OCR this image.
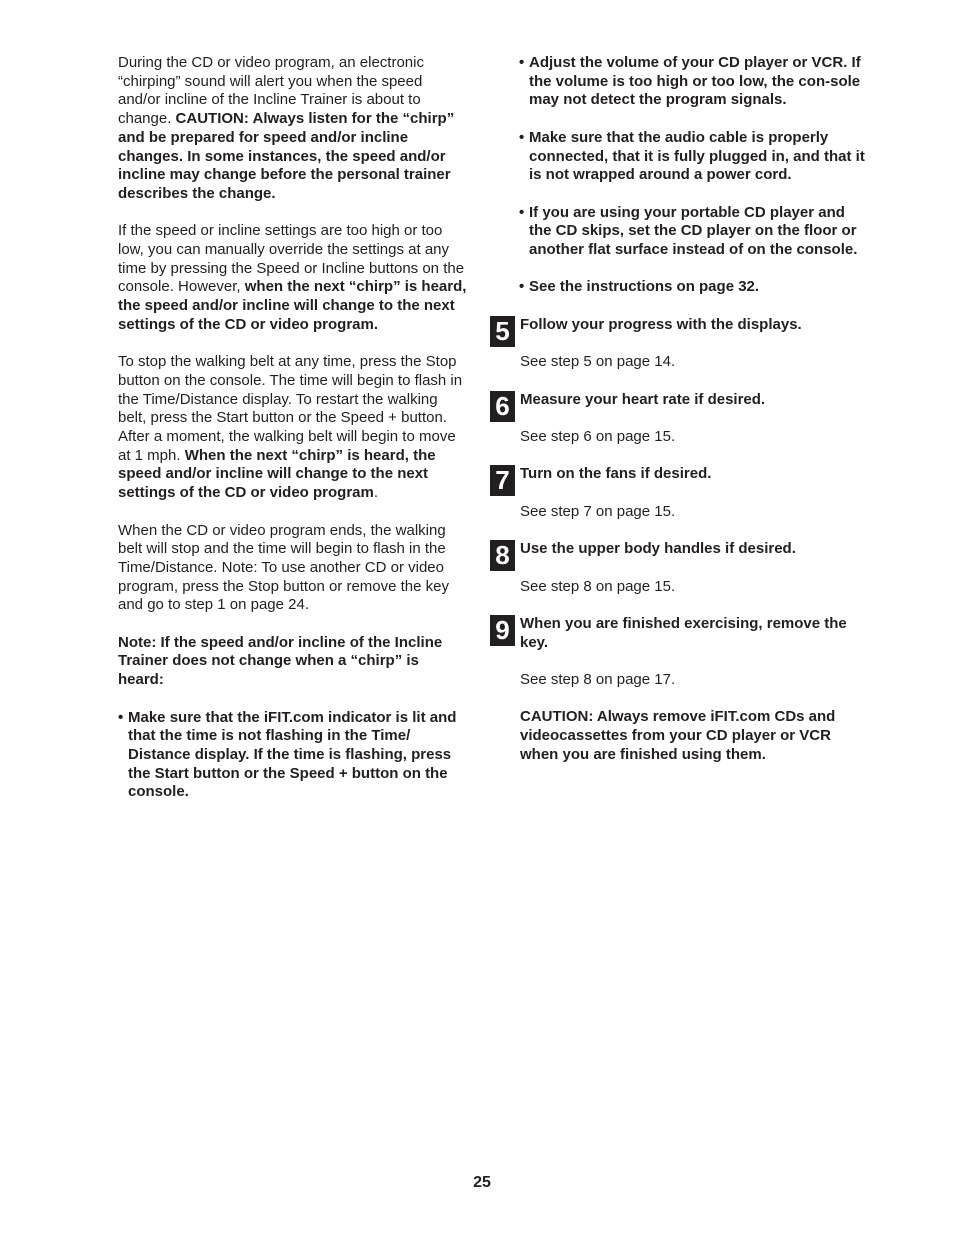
During the CD or video program, an electronic “chirping” sound will alert you when the speed and/or incline of the Incline Trainer is about to change. CAUTION: Always listen for the “chirp” and be prepared for speed and/or incline changes. In some instances, the speed and/or incline may change before the personal trainer describes the change.

If the speed or incline settings are too high or too low, you can manually override the settings at any time by pressing the Speed or Incline buttons on the console. However, when the next “chirp” is heard, the speed and/or incline will change to the next settings of the CD or video program.

To stop the walking belt at any time, press the Stop button on the console. The time will begin to flash in the Time/Distance display. To restart the walking belt, press the Start button or the Speed + button. After a moment, the walking belt will begin to move at 1 mph. When the next “chirp” is heard, the speed and/or incline will change to the next settings of the CD or video program.

When the CD or video program ends, the walking belt will stop and the time will begin to flash in the Time/Distance. Note: To use another CD or video program, press the Stop button or remove the key and go to step 1 on page 24.

Note: If the speed and/or incline of the Incline Trainer does not change when a “chirp” is heard:

• Make sure that the iFIT.com indicator is lit and that the time is not flashing in the Time/ Distance display. If the time is flashing, press the Start button or the Speed + button on the console.
• Adjust the volume of your CD player or VCR. If the volume is too high or too low, the con-sole may not detect the program signals.
• Make sure that the audio cable is properly connected, that it is fully plugged in, and that it is not wrapped around a power cord.
• If you are using your portable CD player and the CD skips, set the CD player on the floor or another flat surface instead of on the console.
• See the instructions on page 32.
5 Follow your progress with the displays.
See step 5 on page 14.
6 Measure your heart rate if desired.
See step 6 on page 15.
7 Turn on the fans if desired.
See step 7 on page 15.
8 Use the upper body handles if desired.
See step 8 on page 15.
9 When you are finished exercising, remove the key.
See step 8 on page 17.
CAUTION: Always remove iFIT.com CDs and videocassettes from your CD player or VCR when you are finished using them.
25
